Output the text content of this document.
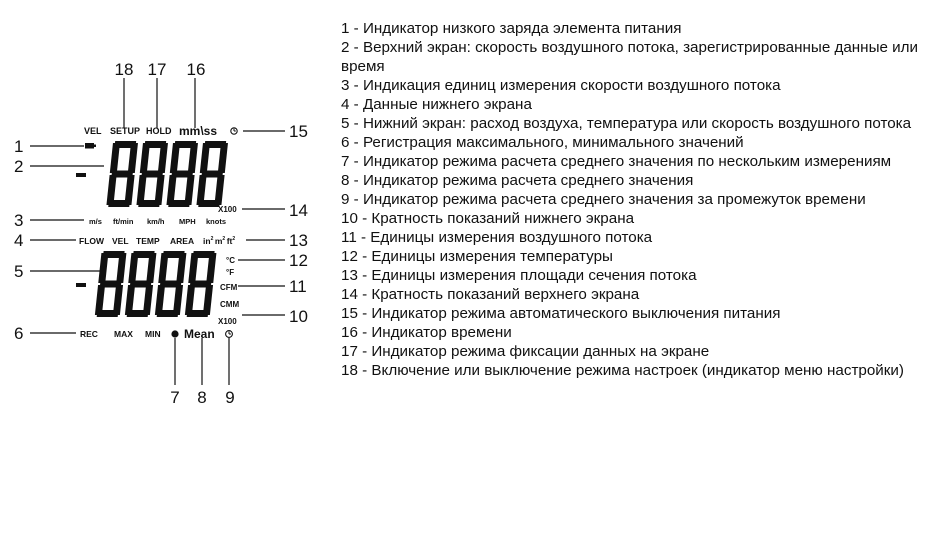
18 17 16
15
1
2
14
3
4	13
12
5
11
10
6
7 8 9
VEL SETUP HOLD mm\ss
X100
m/s ft/min km/h MPH knots
FLOW VEL TEMP AREA $in^2$ $m^2$ $ft^2$
°C
°F
CFM
CMM
X100
REC MAX MIN Mean
1 - Индикатор низкого заряда элемента питания
2 - Верхний экран: скорость воздушного потока, зарегистрированные данные или время
3 - Индикация единиц измерения скорости воздушного потока
4 - Данные нижнего экрана
5 - Нижний экран: расход воздуха, температура или скорость воздушного потока
6 - Регистрация максимального, минимального значений
7 - Индикатор режима расчета среднего значения по нескольким измерениям
8 - Индикатор режима расчета среднего значения
9 - Индикатор режима расчета среднего значения за промежуток времени
10 - Кратность показаний нижнего экрана
11 - Единицы измерения воздушного потока
12 - Единицы измерения температуры
13 - Единицы измерения площади сечения потока
14 - Кратность показаний верхнего экрана
15 - Индикатор режима автоматического выключения питания
16 - Индикатор времени
17 - Индикатор режима фиксации данных на экране
18 - Включение или выключение режима настроек (индикатор меню настройки)
